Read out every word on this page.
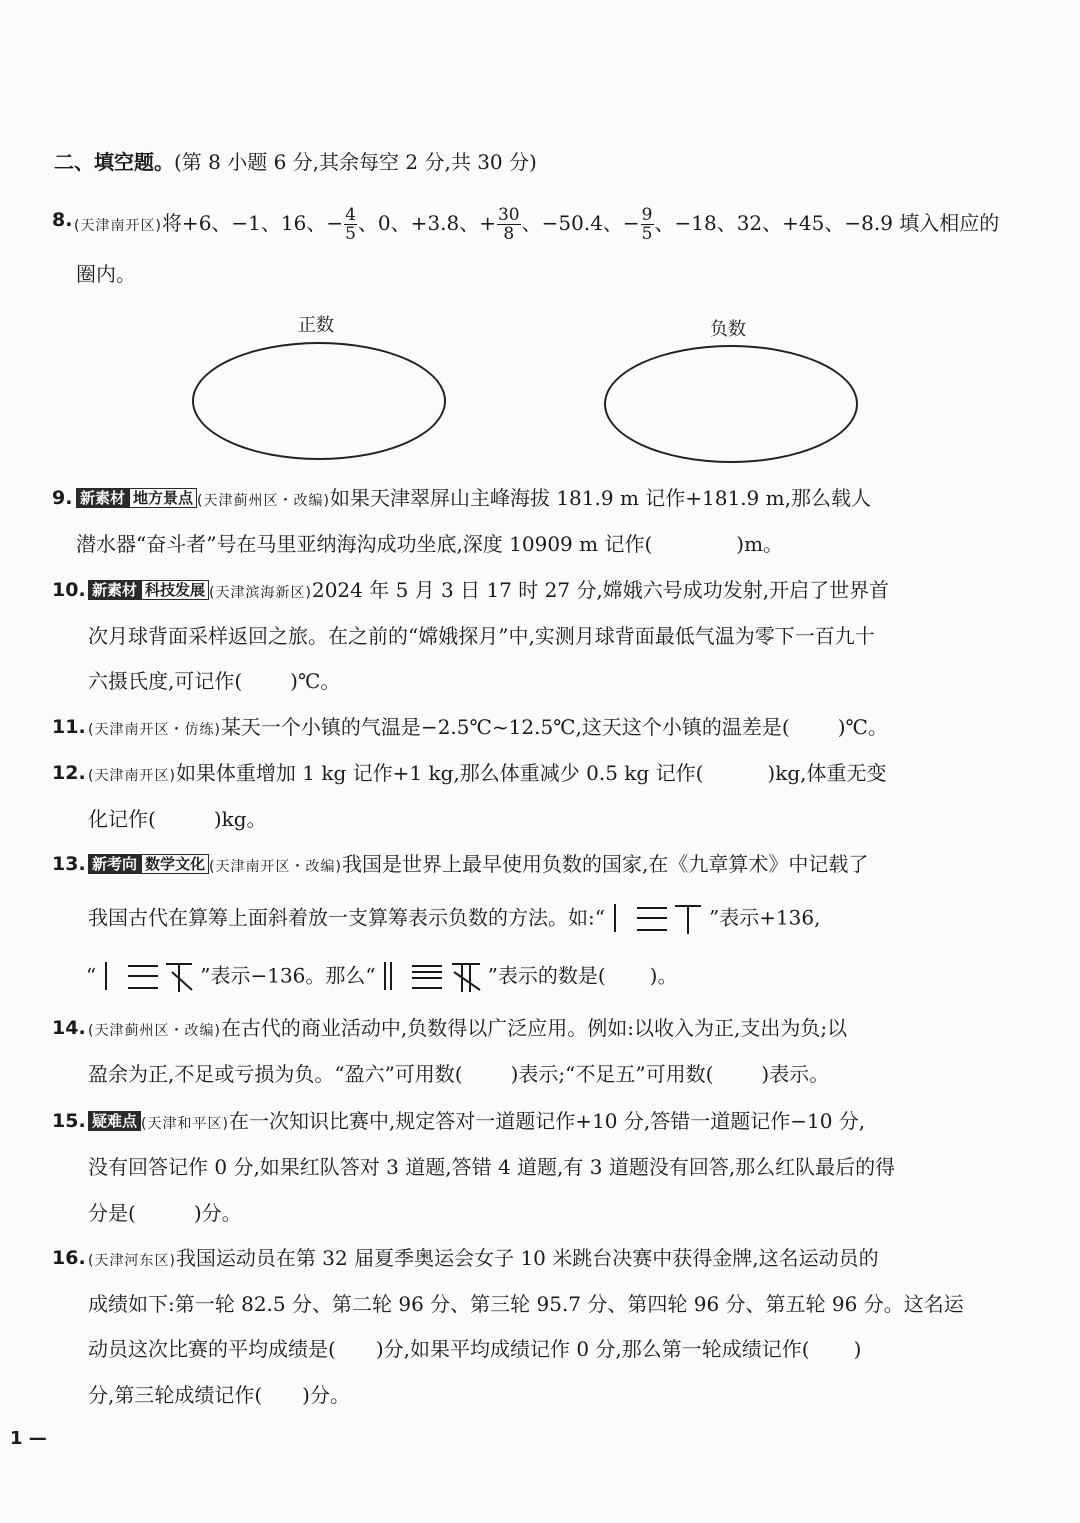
二、填空题。(第 8 小题 6 分,其余每空 2 分,共 30 分)
8. (天津南开区)将+6、−1、16、− $\frac{4}{5}$ 、0、+3.8、+ $\frac{30}{8}$ 、−50.4、− $\frac{9}{5}$ 、−18、32、+45、−8.9 填入相应的
圈内。
正数	负数
9. 新素材 地方景点 (天津蓟州区・改编)如果天津翠屏山主峰海拔 181.9 m 记作+181.9 m,那么载人
潜水器“奋斗者”号在马里亚纳海沟成功坐底,深度 10909 m 记作(	)m。
10. 新素材 科技发展 (天津滨海新区)2024 年 5 月 3 日 17 时 27 分,嫦娥六号成功发射,开启了世界首
次月球背面采样返回之旅。在之前的“嫦娥探月”中,实测月球背面最低气温为零下一百九十
六摄氏度,可记作( )℃。
11. (天津南开区・仿练)某天一个小镇的气温是−2.5℃~12.5℃,这天这个小镇的温差是( )℃。
12. (天津南开区)如果体重增加 1 kg 记作+1 kg,那么体重减少 0.5 kg 记作(	)kg,体重无变
化记作(	)kg。
13. 新考向 数学文化 (天津南开区・改编)我国是世界上最早使用负数的国家,在《九章算术》中记载了
我国古代在算筹上面斜着放一支算筹表示负数的方法。如:“	”表示+136,
“	”表示−136。那么“	”表示的数是( )。
14. (天津蓟州区・改编)在古代的商业活动中,负数得以广泛应用。例如:以收入为正,支出为负;以
盈余为正,不足或亏损为负。“盈六”可用数( )表示;“不足五”可用数( )表示。
15. 疑难点 (天津和平区)在一次知识比赛中,规定答对一道题记作+10 分,答错一道题记作−10 分,
没有回答记作 0 分,如果红队答对 3 道题,答错 4 道题,有 3 道题没有回答,那么红队最后的得
分是(	)分。
16. (天津河东区)我国运动员在第 32 届夏季奥运会女子 10 米跳台决赛中获得金牌,这名运动员的
成绩如下:第一轮 82.5 分、第二轮 96 分、第三轮 95.7 分、第四轮 96 分、第五轮 96 分。这名运
动员这次比赛的平均成绩是( )分,如果平均成绩记作 0 分,那么第一轮成绩记作( )
分,第三轮成绩记作( )分。
1 —
